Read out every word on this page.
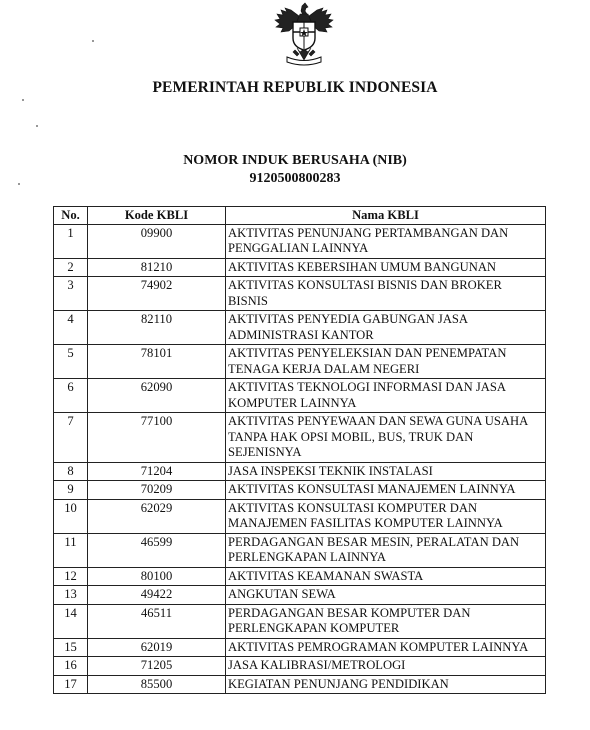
PEMERINTAH REPUBLIK INDONESIA
NOMOR INDUK BERUSAHA (NIB)
9120500800283
No.	Kode KBLI	Nama KBLI
1	09900	AKTIVITAS PENUNJANG PERTAMBANGAN DAN PENGGALIAN LAINNYA
2	81210	AKTIVITAS KEBERSIHAN UMUM BANGUNAN
3	74902	AKTIVITAS KONSULTASI BISNIS DAN BROKER BISNIS
4	82110	AKTIVITAS PENYEDIA GABUNGAN JASA ADMINISTRASI KANTOR
5	78101	AKTIVITAS PENYELEKSIAN DAN PENEMPATAN TENAGA KERJA DALAM NEGERI
6	62090	AKTIVITAS TEKNOLOGI INFORMASI DAN JASA KOMPUTER LAINNYA
7	77100	AKTIVITAS PENYEWAAN DAN SEWA GUNA USAHA TANPA HAK OPSI MOBIL, BUS, TRUK DAN SEJENISNYA
8	71204	JASA INSPEKSI TEKNIK INSTALASI
9	70209	AKTIVITAS KONSULTASI MANAJEMEN LAINNYA
10	62029	AKTIVITAS KONSULTASI KOMPUTER DAN MANAJEMEN FASILITAS KOMPUTER LAINNYA
11	46599	PERDAGANGAN BESAR MESIN, PERALATAN DAN PERLENGKAPAN LAINNYA
12	80100	AKTIVITAS KEAMANAN SWASTA
13	49422	ANGKUTAN SEWA
14	46511	PERDAGANGAN BESAR KOMPUTER DAN PERLENGKAPAN KOMPUTER
15	62019	AKTIVITAS PEMROGRAMAN KOMPUTER LAINNYA
16	71205	JASA KALIBRASI/METROLOGI
17	85500	KEGIATAN PENUNJANG PENDIDIKAN
